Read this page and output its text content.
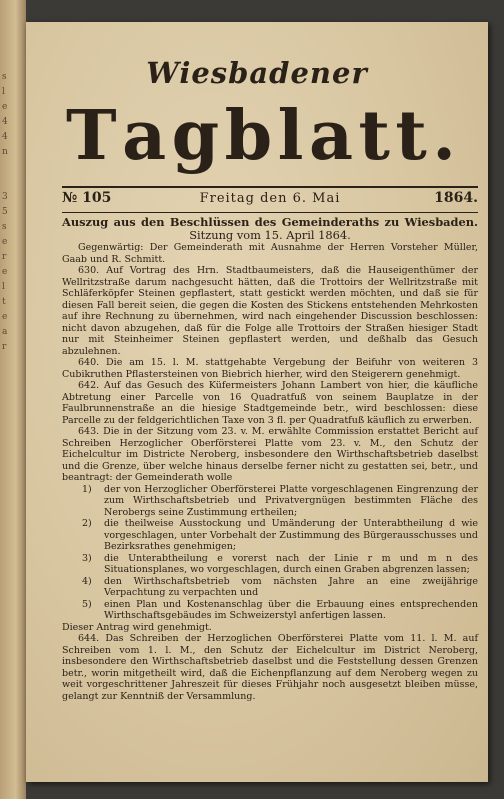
s
l
e
4
4
n

3
5
s
e
r
e
l
t
e
a
r
Wiesbadener
T a g b l a t t .
№ 105	Freitag den 6. Mai	1864.

Auszug aus den Beschlüssen des Gemeinderaths zu Wiesbaden.

Sitzung vom 15. April 1864.

Gegenwärtig: Der Gemeinderath mit Ausnahme der Herren Vorsteher Müller, Gaab und R. Schmitt.

630. Auf Vortrag des Hrn. Stadtbaumeisters, daß die Hauseigenthümer der Wellritzstraße darum nachgesucht hätten, daß die Trottoirs der Wellritzstraße mit Schläferköpfer Steinen gepflastert, statt gestickt werden möchten, und daß sie für diesen Fall bereit seien, die gegen die Kosten des Stickens entstehenden Mehrkosten auf ihre Rechnung zu übernehmen, wird nach eingehender Discussion beschlossen: nicht davon abzugehen, daß für die Folge alle Trottoirs der Straßen hiesiger Stadt nur mit Steinheimer Steinen gepflastert werden, und deßhalb das Gesuch abzulehnen.

640. Die am 15. l. M. stattgehabte Vergebung der Beifuhr von weiteren 3 Cubikruthen Pflastersteinen von Biebrich hierher, wird den Steigerern genehmigt.

642. Auf das Gesuch des Küfermeisters Johann Lambert von hier, die käufliche Abtretung einer Parcelle von 16 Quadratfuß von seinem Bauplatze in der Faulbrunnenstraße an die hiesige Stadtgemeinde betr., wird beschlossen: diese Parcelle zu der feldgerichtlichen Taxe von 3 fl. per Quadratfuß käuflich zu erwerben.

643. Die in der Sitzung vom 23. v. M. erwählte Commission erstattet Bericht auf Schreiben Herzoglicher Oberförsterei Platte vom 23. v. M., den Schutz der Eichelcultur im Districte Neroberg, insbesondere den Wirthschaftsbetrieb daselbst und die Grenze, über welche hinaus derselbe ferner nicht zu gestatten sei, betr., und beantragt: der Gemeinderath wolle

1) der von Herzoglicher Oberförsterei Platte vorgeschlagenen Eingrenzung der zum Wirthschaftsbetrieb und Privatvergnügen bestimmten Fläche des Nerobergs seine Zustimmung ertheilen;

2) die theilweise Ausstockung und Umänderung der Unterabtheilung d wie vorgeschlagen, unter Vorbehalt der Zustimmung des Bürgerausschusses und Bezirksrathes genehmigen;

3) die Unterabtheilung e vorerst nach der Linie r m und m n des Situationsplanes, wo vorgeschlagen, durch einen Graben abgrenzen lassen;

4) den Wirthschaftsbetrieb vom nächsten Jahre an eine zweijährige Verpachtung zu verpachten und

5) einen Plan und Kostenanschlag über die Erbauung eines entsprechenden Wirthschaftsgebäudes im Schweizerstyl anfertigen lassen.

Dieser Antrag wird genehmigt.

644. Das Schreiben der Herzoglichen Oberförsterei Platte vom 11. l. M. auf Schreiben vom 1. l. M., den Schutz der Eichelcultur im District Neroberg, insbesondere den Wirthschaftsbetrieb daselbst und die Feststellung dessen Grenzen betr., worin mitgetheilt wird, daß die Eichenpflanzung auf dem Neroberg wegen zu weit vorgeschrittener Jahreszeit für dieses Frühjahr noch ausgesetzt bleiben müsse, gelangt zur Kenntniß der Versammlung.
